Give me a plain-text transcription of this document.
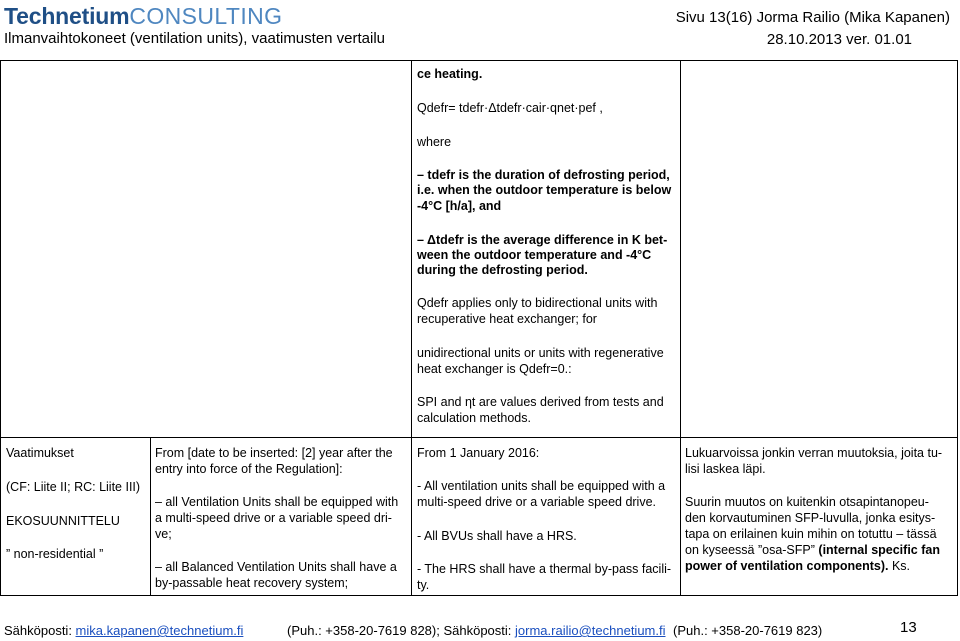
TechnetiumCONSULTING
Ilmanvaihtokoneet (ventilation units), vaatimusten vertailu
Sivu 13(16) Jorma Railio (Mika Kapanen)
28.10.2013 ver. 01.01
ce heating.
Qdefr= tdefr·Δtdefr·cair·qnet·pef ,
where
– tdefr is the duration of defrosting period,
i.e. when the outdoor temperature is below
-4°C [h/a], and
– Δtdefr is the average difference in K bet-
ween the outdoor temperature and -4°C
during the defrosting period.
Qdefr applies only to bidirectional units with
recuperative heat exchanger; for
unidirectional units or units with regenerative
heat exchanger is Qdefr=0.:
SPI and ηt are values derived from tests and
calculation methods.
Vaatimukset
(CF: Liite II; RC: Liite III)
EKOSUUNNITTELU
” non-residential ”
From [date to be inserted: [2] year after the
entry into force of the Regulation]:
– all Ventilation Units shall be equipped with
a multi-speed drive or a variable speed dri-
ve;
– all Balanced Ventilation Units shall have a
by-passable heat recovery system;
From 1 January 2016:
- All ventilation units shall be equipped with a
multi-speed drive or a variable speed drive.
- All BVUs shall have a HRS.
- The HRS shall have a thermal by-pass facili-
ty.
Lukuarvoissa jonkin verran muutoksia, joita tu-
lisi laskea läpi.
Suurin muutos on kuitenkin otsapintanopeu-
den korvautuminen SFP-luvulla, jonka esitys-
tapa on erilainen kuin mihin on totuttu – tässä
on kyseessä ”osa-SFP” (internal specific fan
power of ventilation components). Ks.
Sähköposti: mika.kapanen@technetium.fi	(Puh.: +358-20-7619 828); Sähköposti: jorma.railio@technetium.fi (Puh.: +358-20-7619 823)	13
